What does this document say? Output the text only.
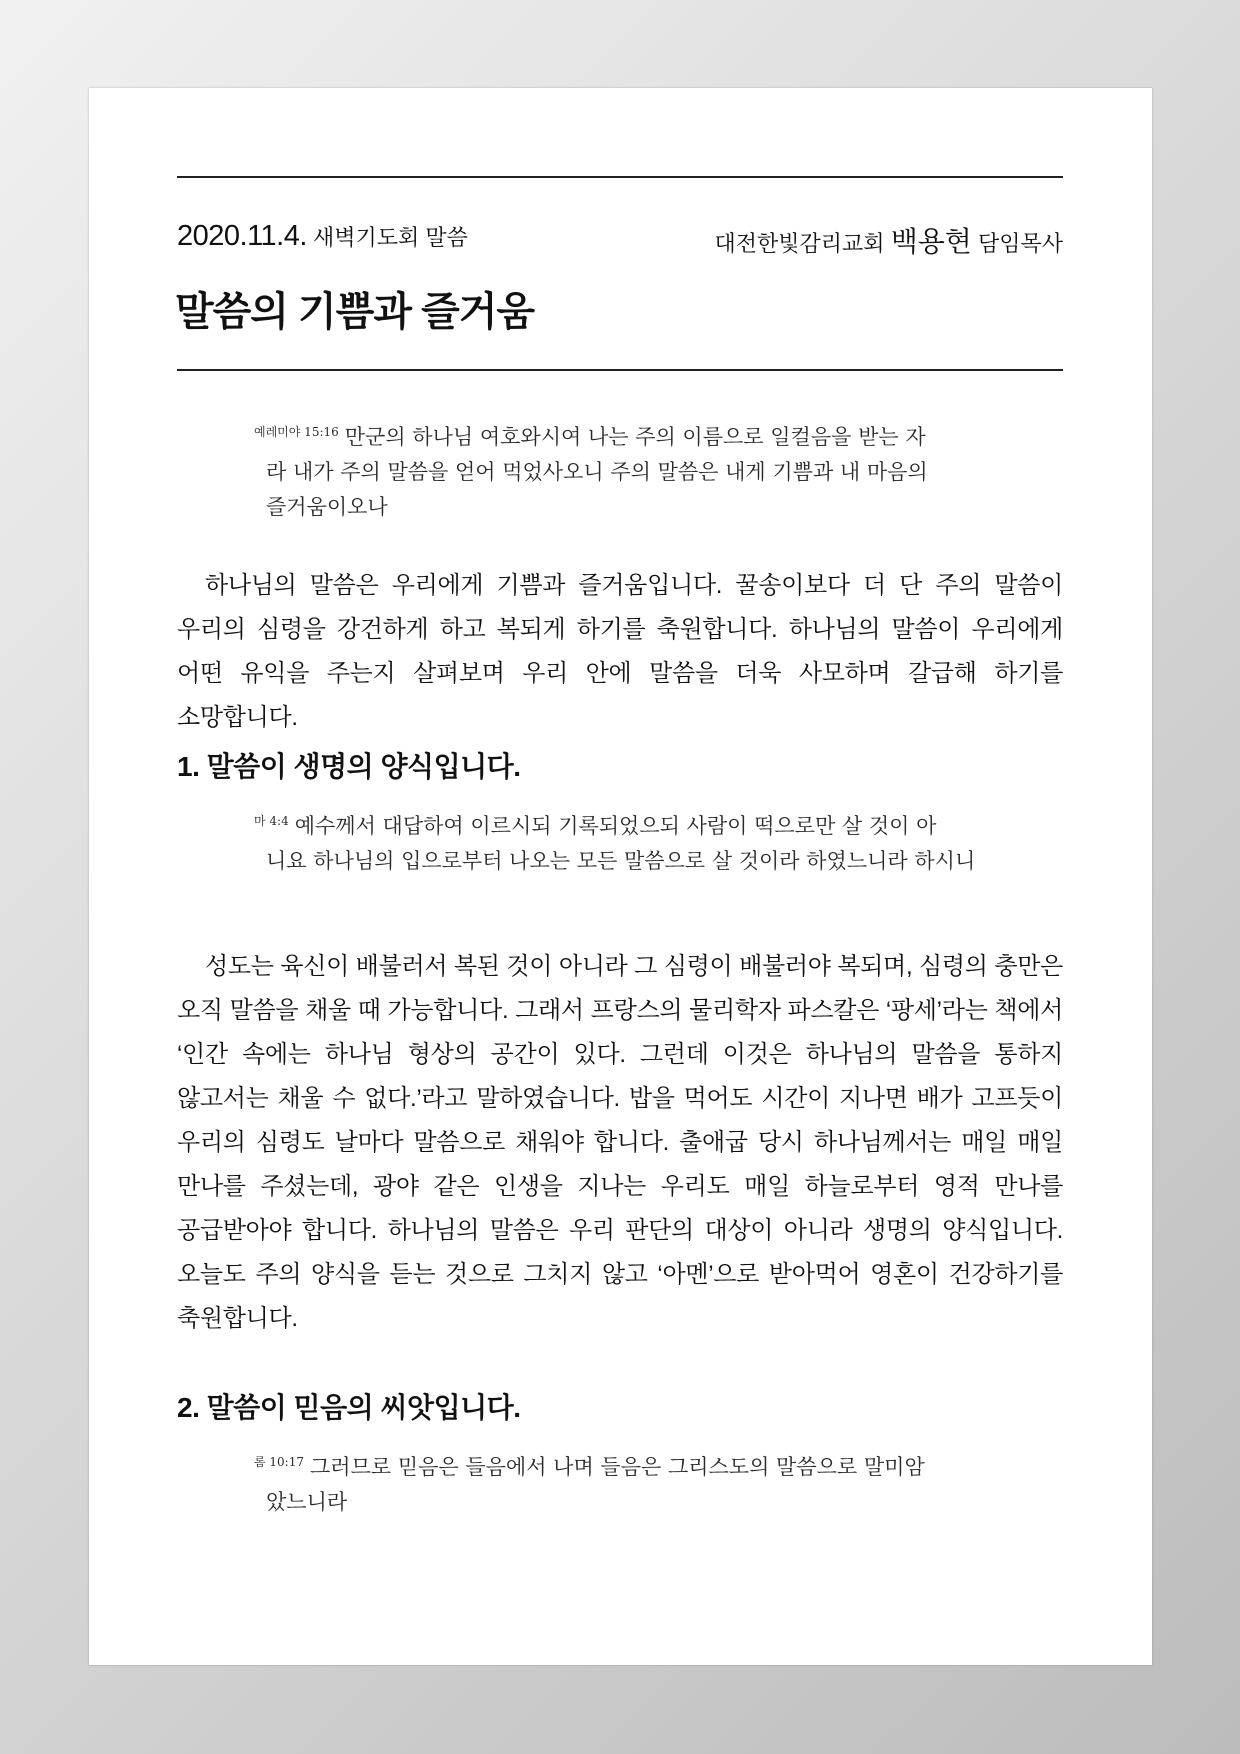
2020.11.4. 새벽기도회 말씀	대전한빛감리교회 백용현 담임목사
말씀의 기쁨과 즐거움
$^{예레미야 15:16}$ 만군의 하나님 여호와시여 나는 주의 이름으로 일컬음을 받는 자
라 내가 주의 말씀을 얻어 먹었사오니 주의 말씀은 내게 기쁨과 내 마음의 즐거움이오나

하나님의 말씀은 우리에게 기쁨과 즐거움입니다. 꿀송이보다 더 단 주의 말씀이 우리의 심령을 강건하게 하고 복되게 하기를 축원합니다. 하나님의 말씀이 우리에게 어떤 유익을 주는지 살펴보며 우리 안에 말씀을 더욱 사모하며 갈급해 하기를 소망합니다.

1. 말씀이 생명의 양식입니다.
$^{마 4:4}$ 예수께서 대답하여 이르시되 기록되었으되 사람이 떡으로만 살 것이 아
니요 하나님의 입으로부터 나오는 모든 말씀으로 살 것이라 하였느니라 하시니

성도는 육신이 배불러서 복된 것이 아니라 그 심령이 배불러야 복되며, 심령의 충만은 오직 말씀을 채울 때 가능합니다. 그래서 프랑스의 물리학자 파스칼은 ‘팡세’라는 책에서 ‘인간 속에는 하나님 형상의 공간이 있다. 그런데 이것은 하나님의 말씀을 통하지 않고서는 채울 수 없다.’라고 말하였습니다. 밥을 먹어도 시간이 지나면 배가 고프듯이 우리의 심령도 날마다 말씀으로 채워야 합니다. 출애굽 당시 하나님께서는 매일 매일 만나를 주셨는데, 광야 같은 인생을 지나는 우리도 매일 하늘로부터 영적 만나를 공급받아야 합니다. 하나님의 말씀은 우리 판단의 대상이 아니라 생명의 양식입니다. 오늘도 주의 양식을 듣는 것으로 그치지 않고 ‘아멘’으로 받아먹어 영혼이 건강하기를 축원합니다.

2. 말씀이 믿음의 씨앗입니다.
$^{롬 10:17}$ 그러므로 믿음은 들음에서 나며 들음은 그리스도의 말씀으로 말미암
았느니라
